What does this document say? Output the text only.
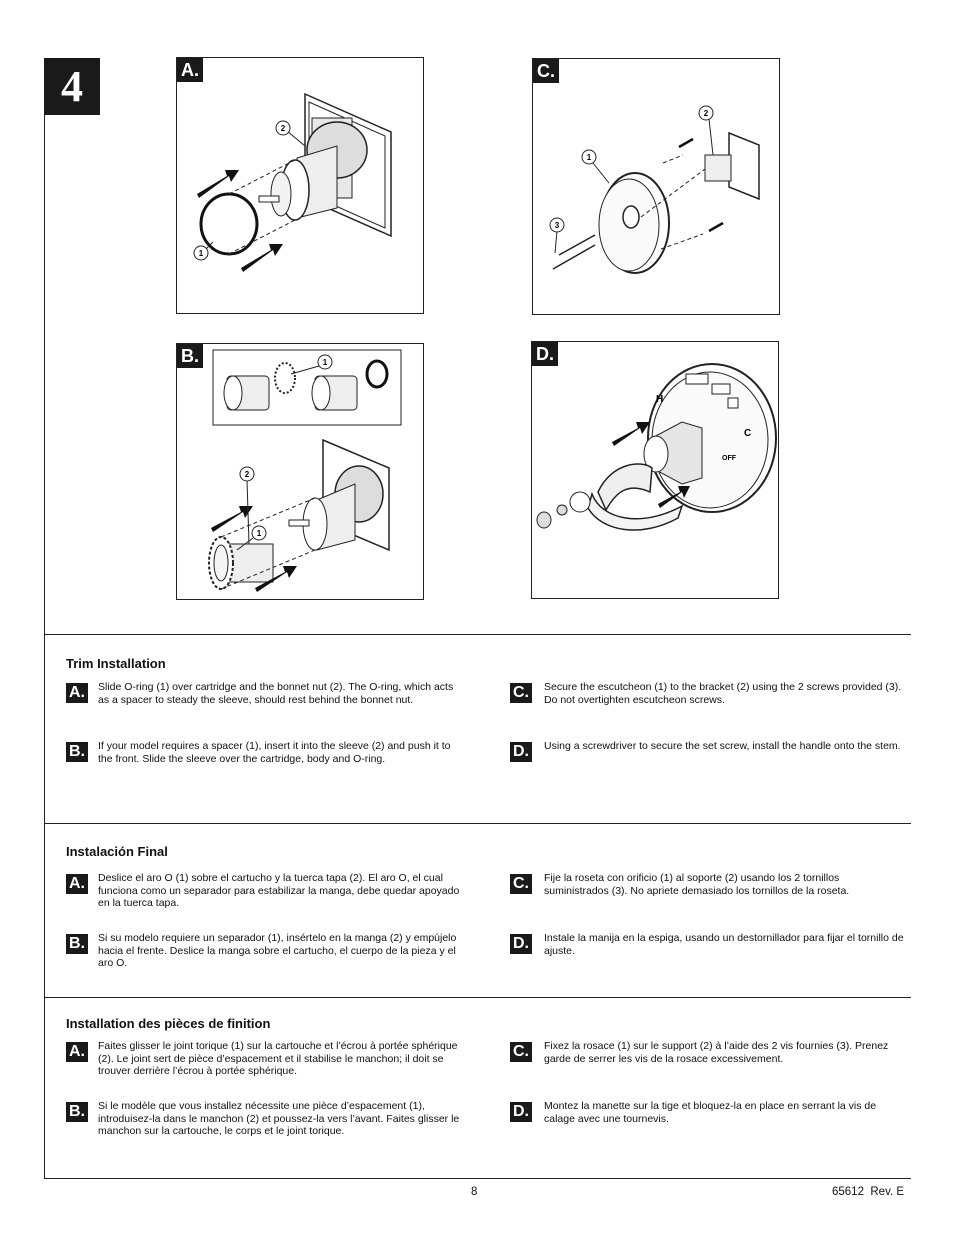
4
2
1
A.
2
1
3
C.
1
2
1
B.
H
C
OFF
D.
Trim Installation
A. Slide O-ring (1) over cartridge and the bonnet nut (2). The O-ring, which acts as a spacer to steady the sleeve, should rest behind the bonnet nut.
B. If your model requires a spacer (1), insert it into the sleeve (2) and push it to the front. Slide the sleeve over the cartridge, body and O-ring.
C. Secure the escutcheon (1) to the bracket (2) using the 2 screws provided (3). Do not overtighten escutcheon screws.
D. Using a screwdriver to secure the set screw, install the handle onto the stem.
Instalación Final
A. Deslice el aro O (1) sobre el cartucho y la tuerca tapa (2). El aro O, el cual funciona como un separador para estabilizar la manga, debe quedar apoyado en la tuerca tapa.
B. Si su modelo requiere un separador (1), insértelo en la manga (2) y empújelo hacia el frente. Deslice la manga sobre el cartucho, el cuerpo de la pieza y el aro O.
C. Fije la roseta con orificio (1) al soporte (2) usando los 2 tornillos suministrados (3). No apriete demasiado los tornillos de la roseta.
D. Instale la manija en la espiga, usando un destornillador para fijar el tornillo de ajuste.
Installation des pièces de finition
A. Faites glisser le joint torique (1) sur la cartouche et l’écrou à portée sphérique (2). Le joint sert de pièce d’espacement et il stabilise le manchon; il doit se trouver derrière l’écrou à portée sphérique.
B. Si le modèle que vous installez nécessite une pièce d’espacement (1), introduisez-la dans le manchon (2) et poussez-la vers l’avant. Faites glisser le manchon sur la cartouche, le corps et le joint torique.
C. Fixez la rosace (1) sur le support (2) à l’aide des 2 vis fournies (3). Prenez garde de serrer les vis de la rosace excessivement.
D. Montez la manette sur la tige et bloquez-la en place en serrant la vis de calage avec une tournevis.
8	65612  Rev. E
